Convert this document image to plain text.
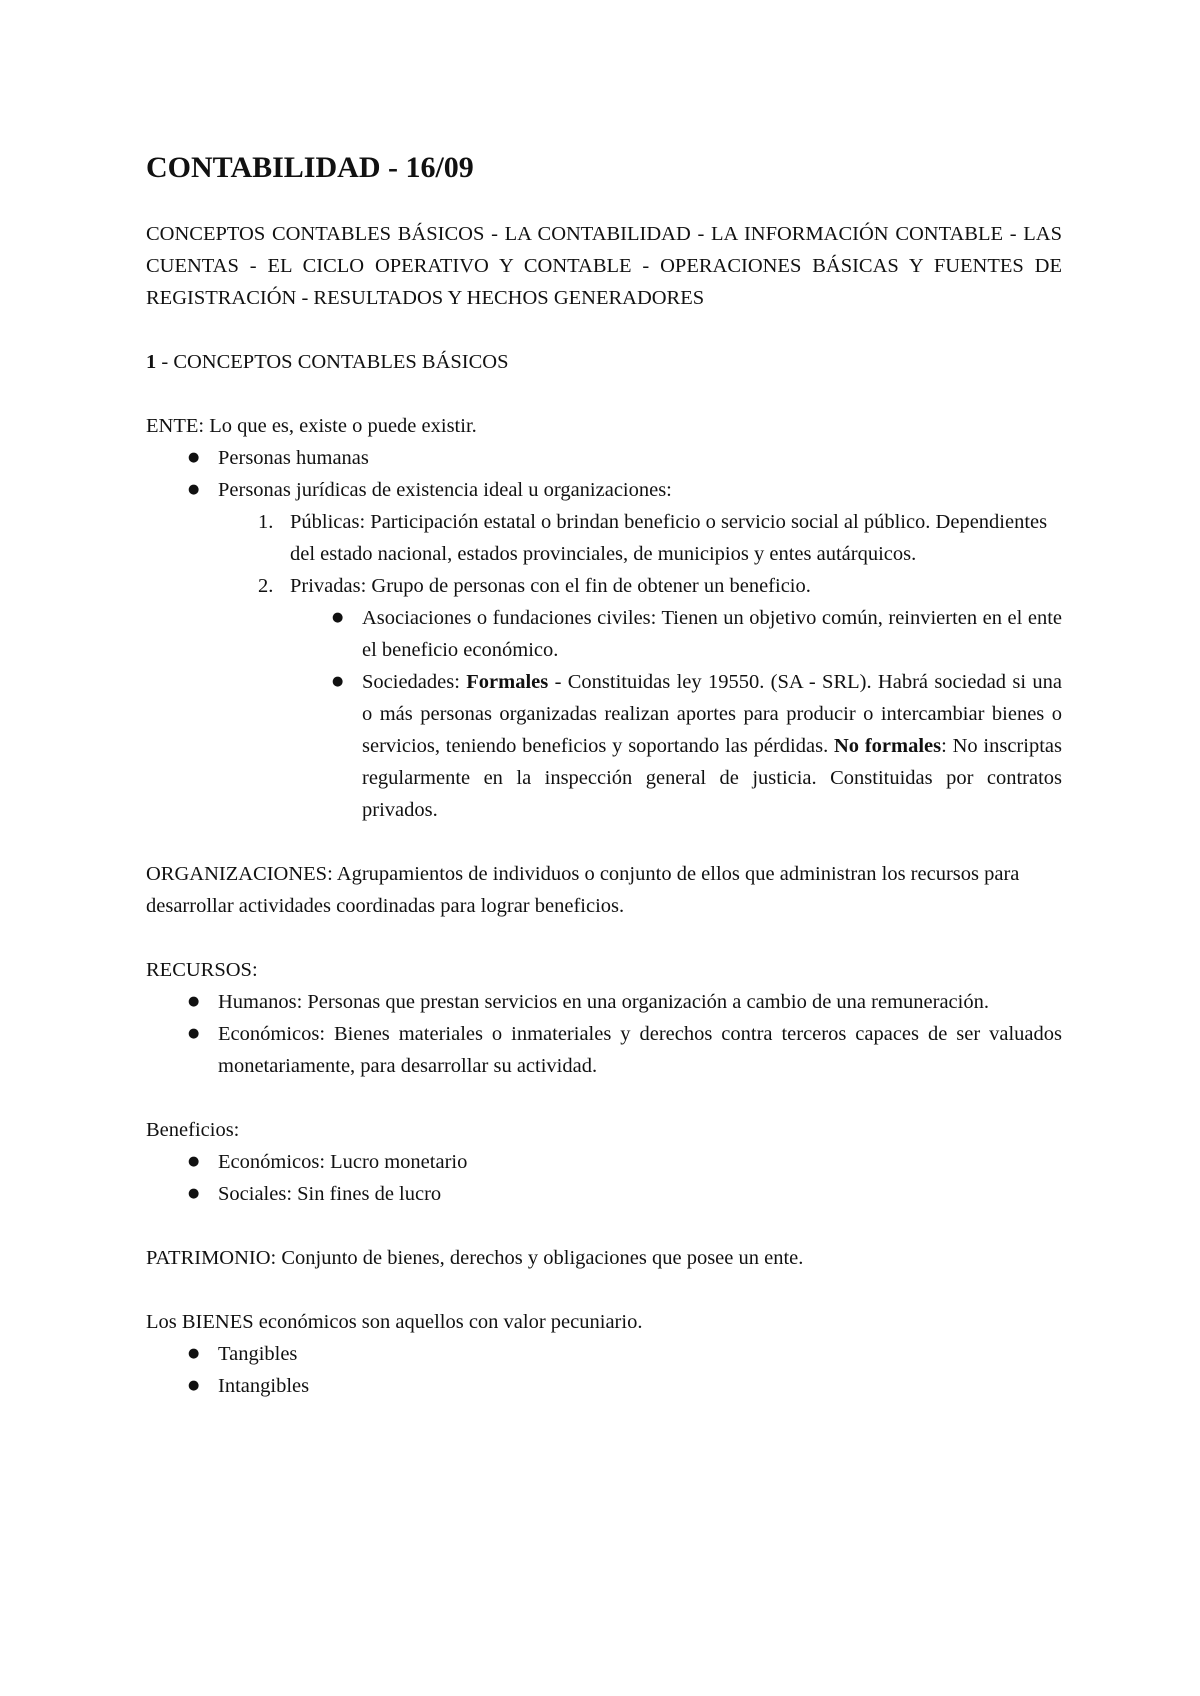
CONTABILIDAD - 16/09

CONCEPTOS CONTABLES BÁSICOS - LA CONTABILIDAD - LA INFORMACIÓN CONTABLE - LAS CUENTAS - EL CICLO OPERATIVO Y CONTABLE - OPERACIONES BÁSICAS Y FUENTES DE REGISTRACIÓN - RESULTADOS Y HECHOS GENERADORES

1 - CONCEPTOS CONTABLES BÁSICOS

ENTE: Lo que es, existe o puede existir.

● Personas humanas
● Personas jurídicas de existencia ideal u organizaciones:
1. Públicas: Participación estatal o brindan beneficio o servicio social al público. Dependientes del estado nacional, estados provinciales, de municipios y entes autárquicos.
2. Privadas: Grupo de personas con el fin de obtener un beneficio.
● Asociaciones o fundaciones civiles: Tienen un objetivo común, reinvierten en el ente el beneficio económico.
● Sociedades: Formales - Constituidas ley 19550. (SA - SRL). Habrá sociedad si una o más personas organizadas realizan aportes para producir o intercambiar bienes o servicios, teniendo beneficios y soportando las pérdidas. No formales: No inscriptas regularmente en la inspección general de justicia. Constituidas por contratos privados.

ORGANIZACIONES: Agrupamientos de individuos o conjunto de ellos que administran los recursos para desarrollar actividades coordinadas para lograr beneficios.

RECURSOS:

● Humanos: Personas que prestan servicios en una organización a cambio de una remuneración.
● Económicos: Bienes materiales o inmateriales y derechos contra terceros capaces de ser valuados monetariamente, para desarrollar su actividad.

Beneficios:

● Económicos: Lucro monetario
● Sociales: Sin fines de lucro

PATRIMONIO: Conjunto de bienes, derechos y obligaciones que posee un ente.

Los BIENES económicos son aquellos con valor pecuniario.

● Tangibles
● Intangibles
